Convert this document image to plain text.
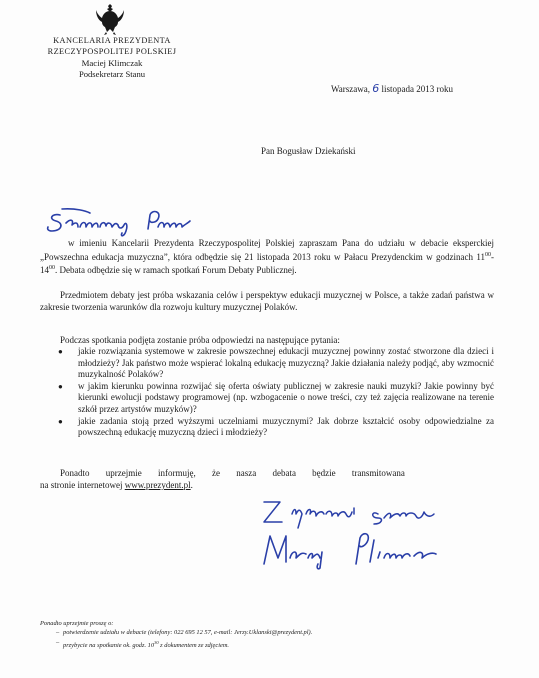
KANCELARIA PREZYDENTA
RZECZYPOSPOLITEJ POLSKIEJ
Maciej Klimczak
Podsekretarz Stanu
Warszawa, 6 listopada 2013 roku
Pan Bogusław Dziekański

w imieniu Kancelarii Prezydenta Rzeczypospolitej Polskiej zapraszam Pana do udziału w debacie eksperckiej „Powszechna edukacja muzyczna”, która odbędzie się 21 listopada 2013 roku w Pałacu Prezydenckim w godzinach $11^{00}-14^{00}$. Debata odbędzie się w ramach spotkań Forum Debaty Publicznej.

Przedmiotem debaty jest próba wskazania celów i perspektyw edukacji muzycznej w Polsce, a także zadań państwa w zakresie tworzenia warunków dla rozwoju kultury muzycznej Polaków.

Podczas spotkania podjęta zostanie próba odpowiedzi na następujące pytania:

● jakie rozwiązania systemowe w zakresie powszechnej edukacji muzycznej powinny zostać stworzone dla dzieci i młodzieży? Jak państwo może wspierać lokalną edukację muzyczną? Jakie działania należy podjąć, aby wzmocnić muzykalność Polaków?
● w jakim kierunku powinna rozwijać się oferta oświaty publicznej w zakresie nauki muzyki? Jakie powinny być kierunki ewolucji podstawy programowej (np. wzbogacenie o nowe treści, czy też zajęcia realizowane na terenie szkół przez artystów muzyków)?
● jakie zadania stoją przed wyższymi uczelniami muzycznymi? Jak dobrze kształcić osoby odpowiedzialne za powszechną edukację muzyczną dzieci i młodzieży?

Ponadto uprzejmie informuję, że nasza debata będzie transmitowana

na stronie internetowej www.prezydent.pl.

Ponadto uprzejmie proszę o:
– potwierdzenie udziału w debacie (telefony: 022 695 12 57, e-mail: Jerzy.Uklanski@prezydent.pl).
– przybycie na spotkanie ok. godz. $10^{30}$ z dokumentem ze zdjęciem.
